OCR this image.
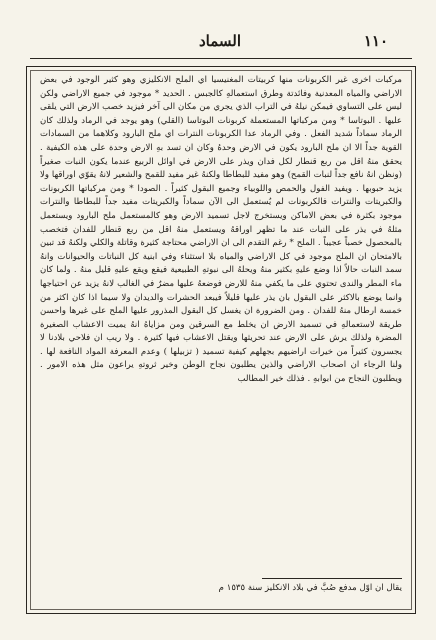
١١٠
السماد

مركبات اخرى غير الكربونات منها كربيتات المغنيسيا اي الملح الانكليزي وهو كثير الوجود في بعض الاراضي والمياه المعدنية وفائدتة وطرق استعمالهِ كالجبس . الحديد * موجود في جميع الاراضي ولكن ليس على التساوي فيمكن نيلهُ في التراب الذي يجري من مكان الى آخر فيزيد خصب الارض التي يلقى عليها . البوتاسا * ومن مركباتها المستعملة كربونات البوتاسا (القلي) وهو يوجد في الرماد ولذلك كان الرماد سماداً شديد الفعل . وفي الرماد عدا الكربونات النترات اي ملح البارود وكلاهما من السمادات القوية جداً الا ان ملح البارود يكون في الارض وحدهُ وكان ان تسد بهِ الارض وحدة على هذه الكيفية . يحقق منهُ اقل من ربع قنطار لكل فدان ويذر على الارض في اوائل الربيع عندما يكون النبات صغيراً (ونظن انهُ نافع جداً لنبات القمح) وهو مفيد للبطاطا ولكنهُ غير مفيد للقمح والشعير لانهُ يقوّي اوراقها ولا يزيد حبوبها . ويفيد الفول والحمص واللوبياء وجميع البقول كثيراً . الصودا * ومن مركباتها الكربونات والكبريتات والنترات فالكربونات لم يُستعمل الى الآن سماداً والكبريتات مفيد جداً للبطاطا والنترات موجود بكثرة في بعض الاماكن ويستخرج لاجل تسميد الارض وهو كالمستعمل ملح البارود ويستعمل مثلهُ في يذر على النبات عند ما تظهر اوراقهُ ويستعمل منهُ اقل من ربع قنطار للفدان فتخصب بالمحصول خصباً عجيباً . الملح * رغم التقدم الى ان الاراضي محتاجة كثيرة وقاتلة والكلي ولكنهُ قد تبين بالامتحان ان الملح موجود في كل الاراضي والمياه بلا استثناء وفي ابنية كل النباتات والحيوانات وانهُ سمد النبات حالاً اذا وضع عليهِ بكثير منهُ ويحلهُ الى نبوتهِ الطبيعية فيقع ويقع عليهِ قليل منهُ . ولما كان ماء المطر والندى تحتوي على ما يكفي منهُ للارض فوضعهُ عليها مضرٌ في الغالب لانهُ يزيد عن احتياجها وانما يوضع بالاكثر على البقول بان يذر عليها قليلاً فيبعد الحشرات والديدان ولا سيما اذا كان اكثر من خمسة ارطال منهُ للفدان . ومن الضرورة ان يغسل كل البقول المذرور عليها الملح على غيرها واحسن طريقة لاستعمالهِ في تسميد الارض ان يخلط مع السرقين ومن مزاياهُ انهُ يميت الاعشاب الصغيرة المضرة ولذلك يرش على الارض عند تحريثها ويقتل الاعشاب فيها كثيرة . ولا ريب ان فلاحي بلادنا لا يجسرون كثيراً من خيرات اراضيهم بجهلهم كيفية تسميد ( تزبيلها ) وعدم المعرفة المواد النافعة لها . ولنا الرجاء ان اصحاب الاراضي والذين يطلبون نجاح الوطن وخير ثروتهِ يراعون مثل هذه الامور . ويطلبون النجاح من ابوابهِ . فذلك خير المطالب

يقال ان اوّل مدفع صُبَّ في بلاد الانكليز سنة ١٥٣٥ م
